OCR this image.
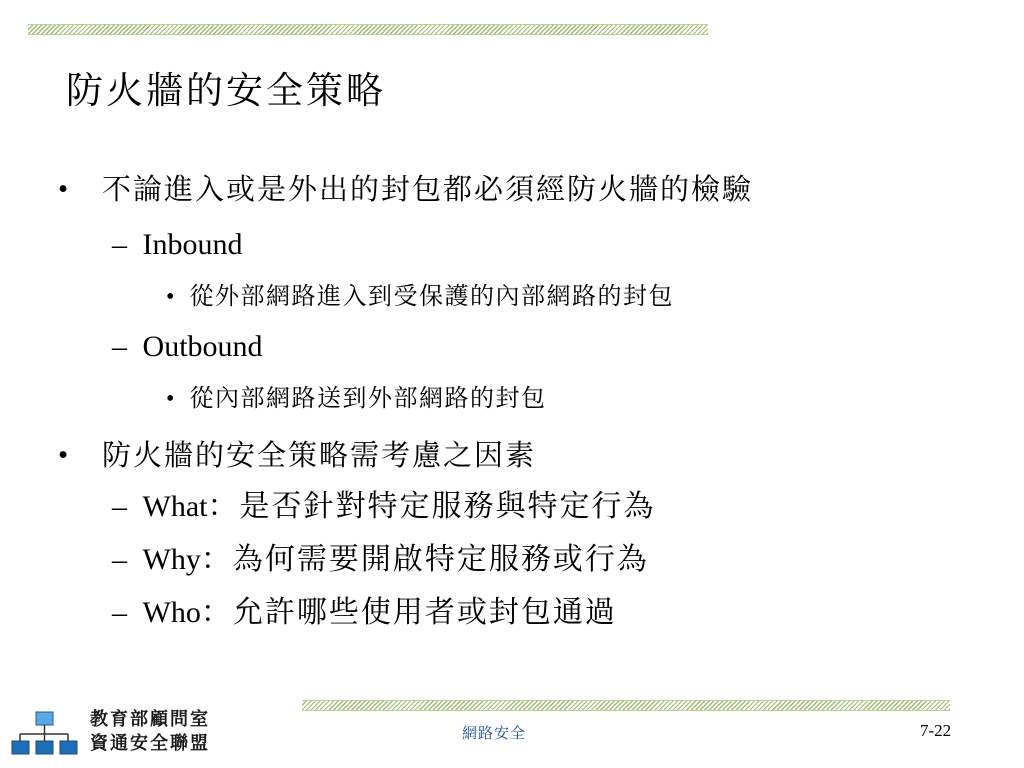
防火牆的安全策略
• 不論進入或是外出的封包都必須經防火牆的檢驗
– Inbound
• 從外部網路進入到受保護的內部網路的封包
– Outbound
• 從內部網路送到外部網路的封包
• 防火牆的安全策略需考慮之因素
– What：是否針對特定服務與特定行為
– Why：為何需要開啟特定服務或行為
– Who：允許哪些使用者或封包通過
教育部顧問室
資通安全聯盟	網路安全	7-22
